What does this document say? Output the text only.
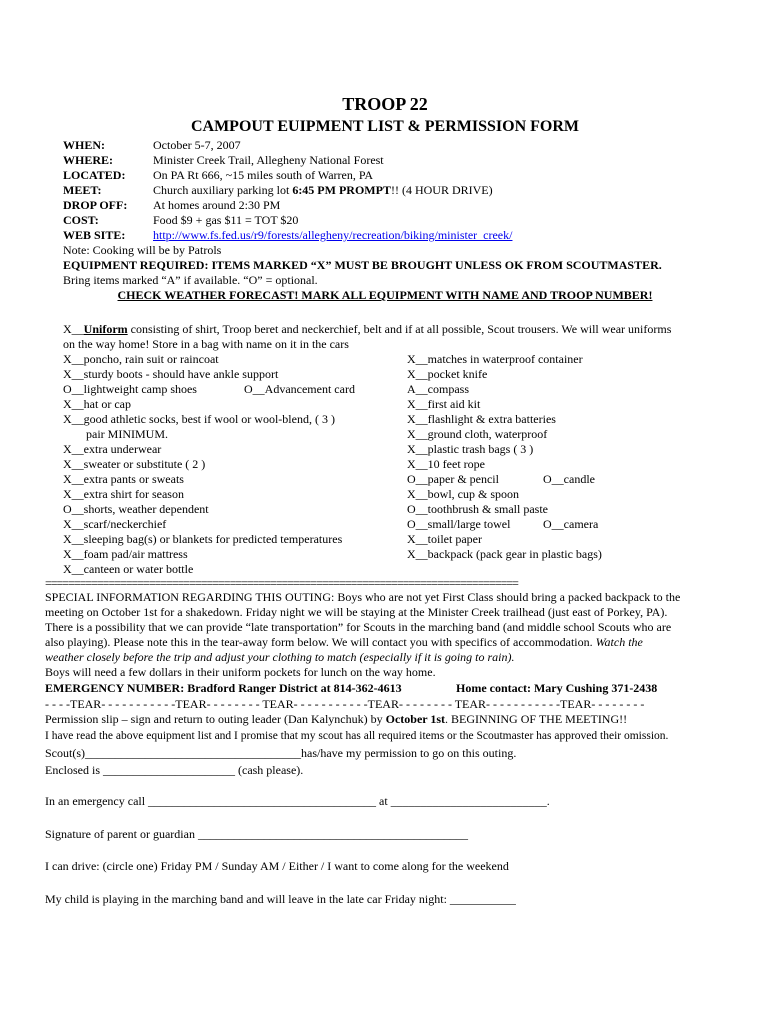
TROOP 22
CAMPOUT EUIPMENT LIST & PERMISSION FORM
WHEN:	October 5-7, 2007
WHERE:	Minister Creek Trail, Allegheny National Forest
LOCATED: On PA Rt 666, ~15 miles south of Warren, PA
MEET:	Church auxiliary parking lot 6:45 PM PROMPT!! (4 HOUR DRIVE)
DROP OFF: At homes around 2:30 PM
COST:	Food $9 + gas $11 = TOT $20
WEB SITE: http://www.fs.fed.us/r9/forests/allegheny/recreation/biking/minister_creek/
Note: Cooking will be by Patrols
EQUIPMENT REQUIRED: ITEMS MARKED “X” MUST BE BROUGHT UNLESS OK FROM SCOUTMASTER.
Bring items marked “A” if available. “O” = optional.
CHECK WEATHER FORECAST! MARK ALL EQUIPMENT WITH NAME AND TROOP NUMBER!
X__Uniform consisting of shirt, Troop beret and neckerchief, belt and if at all possible, Scout trousers. We will wear uniforms
on the way home! Store in a bag with name on it in the cars
X__poncho, rain suit or raincoat
X__sturdy boots - should have ankle support
O__lightweight camp shoes	O__Advancement card
X__hat or cap
X__good athletic socks, best if wool or wool-blend, ( 3 )
pair MINIMUM.
X__extra underwear
X__sweater or substitute ( 2 )
X__extra pants or sweats
X__extra shirt for season
O__shorts, weather dependent
X__scarf/neckerchief
X__sleeping bag(s) or blankets for predicted temperatures
X__foam pad/air mattress
X__canteen or water bottle
X__matches in waterproof container
X__pocket knife
A__compass
X__first aid kit
X__flashlight & extra batteries
X__ground cloth, waterproof
X__plastic trash bags ( 3 )
X__10 feet rope
O__paper & pencil	O__candle
X__bowl, cup & spoon
O__toothbrush & small paste
O__small/large towel	O__camera
X__toilet paper
X__backpack (pack gear in plastic bags)
==================================================================================
SPECIAL INFORMATION REGARDING THIS OUTING: Boys who are not yet First Class should bring a packed backpack to the
meeting on October 1st for a shakedown. Friday night we will be staying at the Minister Creek trailhead (just east of Porkey, PA).
There is a possibility that we can provide “late transportation” for Scouts in the marching band (and middle school Scouts who are
also playing). Please note this in the tear-away form below. We will contact you with specifics of accommodation. Watch the
weather closely before the trip and adjust your clothing to match (especially if it is going to rain).
Boys will need a few dollars in their uniform pockets for lunch on the way home.
EMERGENCY NUMBER: Bradford Ranger District at 814-362-4613	Home contact: Mary Cushing 371-2438
- - - -TEAR- - - - - - - - - - -TEAR- - - - - - - - TEAR- - - - - - - - - - -TEAR- - - - - - - - TEAR- - - - - - - - - - -TEAR- - - - - - - -
Permission slip – sign and return to outing leader (Dan Kalynchuk) by October 1st. BEGINNING OF THE MEETING!!
I have read the above equipment list and I promise that my scout has all required items or the Scoutmaster has approved their omission.
Scout(s)____________________________________has/have my permission to go on this outing.
Enclosed is ______________________ (cash please).
In an emergency call ______________________________________ at __________________________.
Signature of parent or guardian _____________________________________________
I can drive: (circle one) Friday PM / Sunday AM / Either / I want to come along for the weekend
My child is playing in the marching band and will leave in the late car Friday night: ___________
